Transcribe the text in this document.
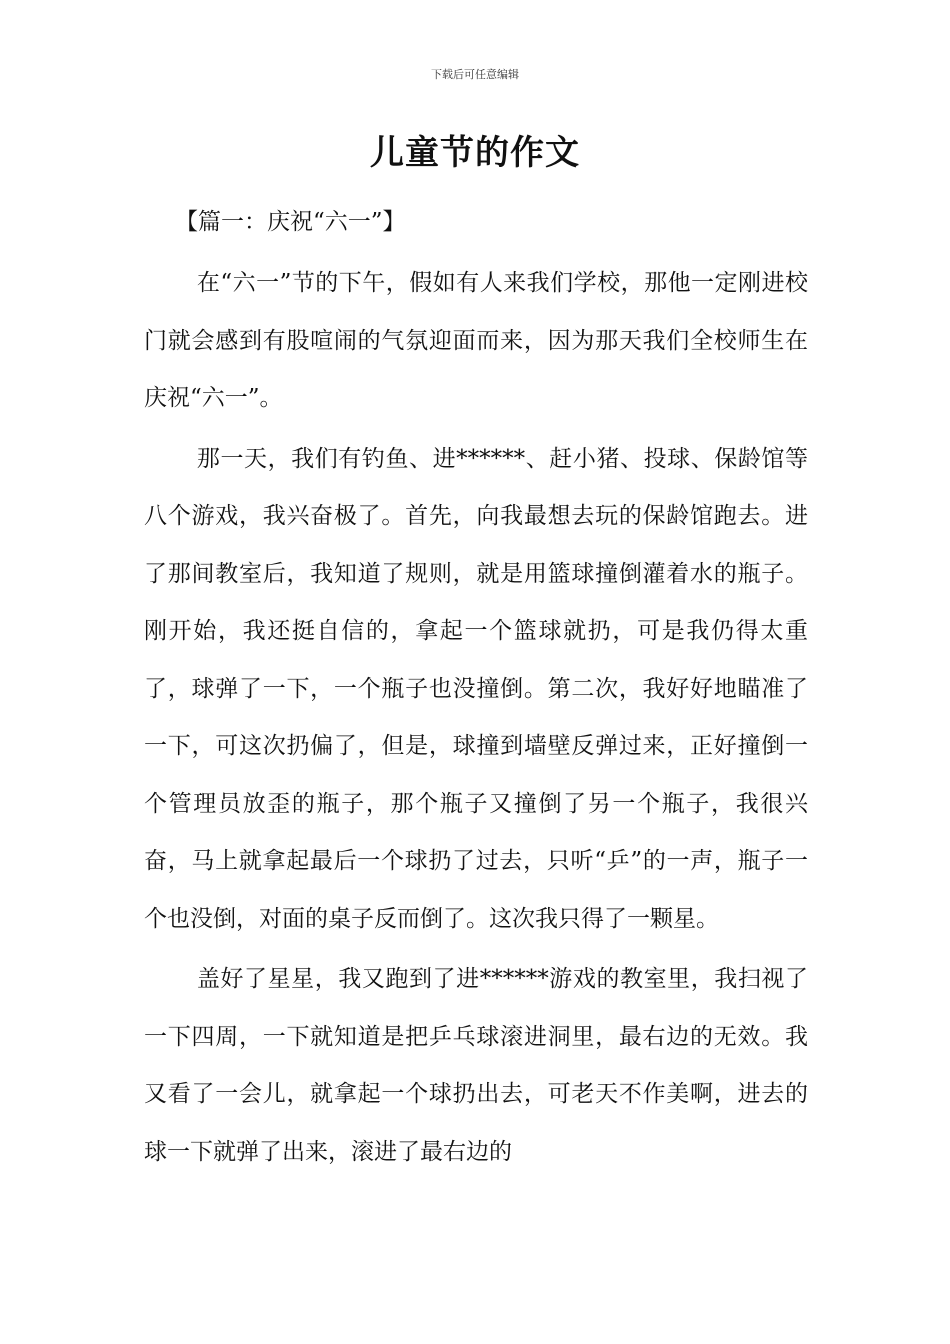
下载后可任意编辑
儿童节的作文
【篇一：庆祝“六一”】

在“六一”节的下午，假如有人来我们学校，那他一定刚进校门就会感到有股喧闹的气氛迎面而来，因为那天我们全校师生在庆祝“六一”。

那一天，我们有钓鱼、进******、赶小猪、投球、保龄馆等八个游戏，我兴奋极了。首先，向我最想去玩的保龄馆跑去。进了那间教室后，我知道了规则，就是用篮球撞倒灌着水的瓶子。刚开始，我还挺自信的，拿起一个篮球就扔，可是我仍得太重了，球弹了一下，一个瓶子也没撞倒。第二次，我好好地瞄准了一下，可这次扔偏了，但是，球撞到墙壁反弹过来，正好撞倒一个管理员放歪的瓶子，那个瓶子又撞倒了另一个瓶子，我很兴奋，马上就拿起最后一个球扔了过去，只听“乒”的一声，瓶子一个也没倒，对面的桌子反而倒了。这次我只得了一颗星。

盖好了星星，我又跑到了进******游戏的教室里，我扫视了一下四周，一下就知道是把乒乓球滚进洞里，最右边的无效。我又看了一会儿，就拿起一个球扔出去，可老天不作美啊，进去的球一下就弹了出来，滚进了最右边的
